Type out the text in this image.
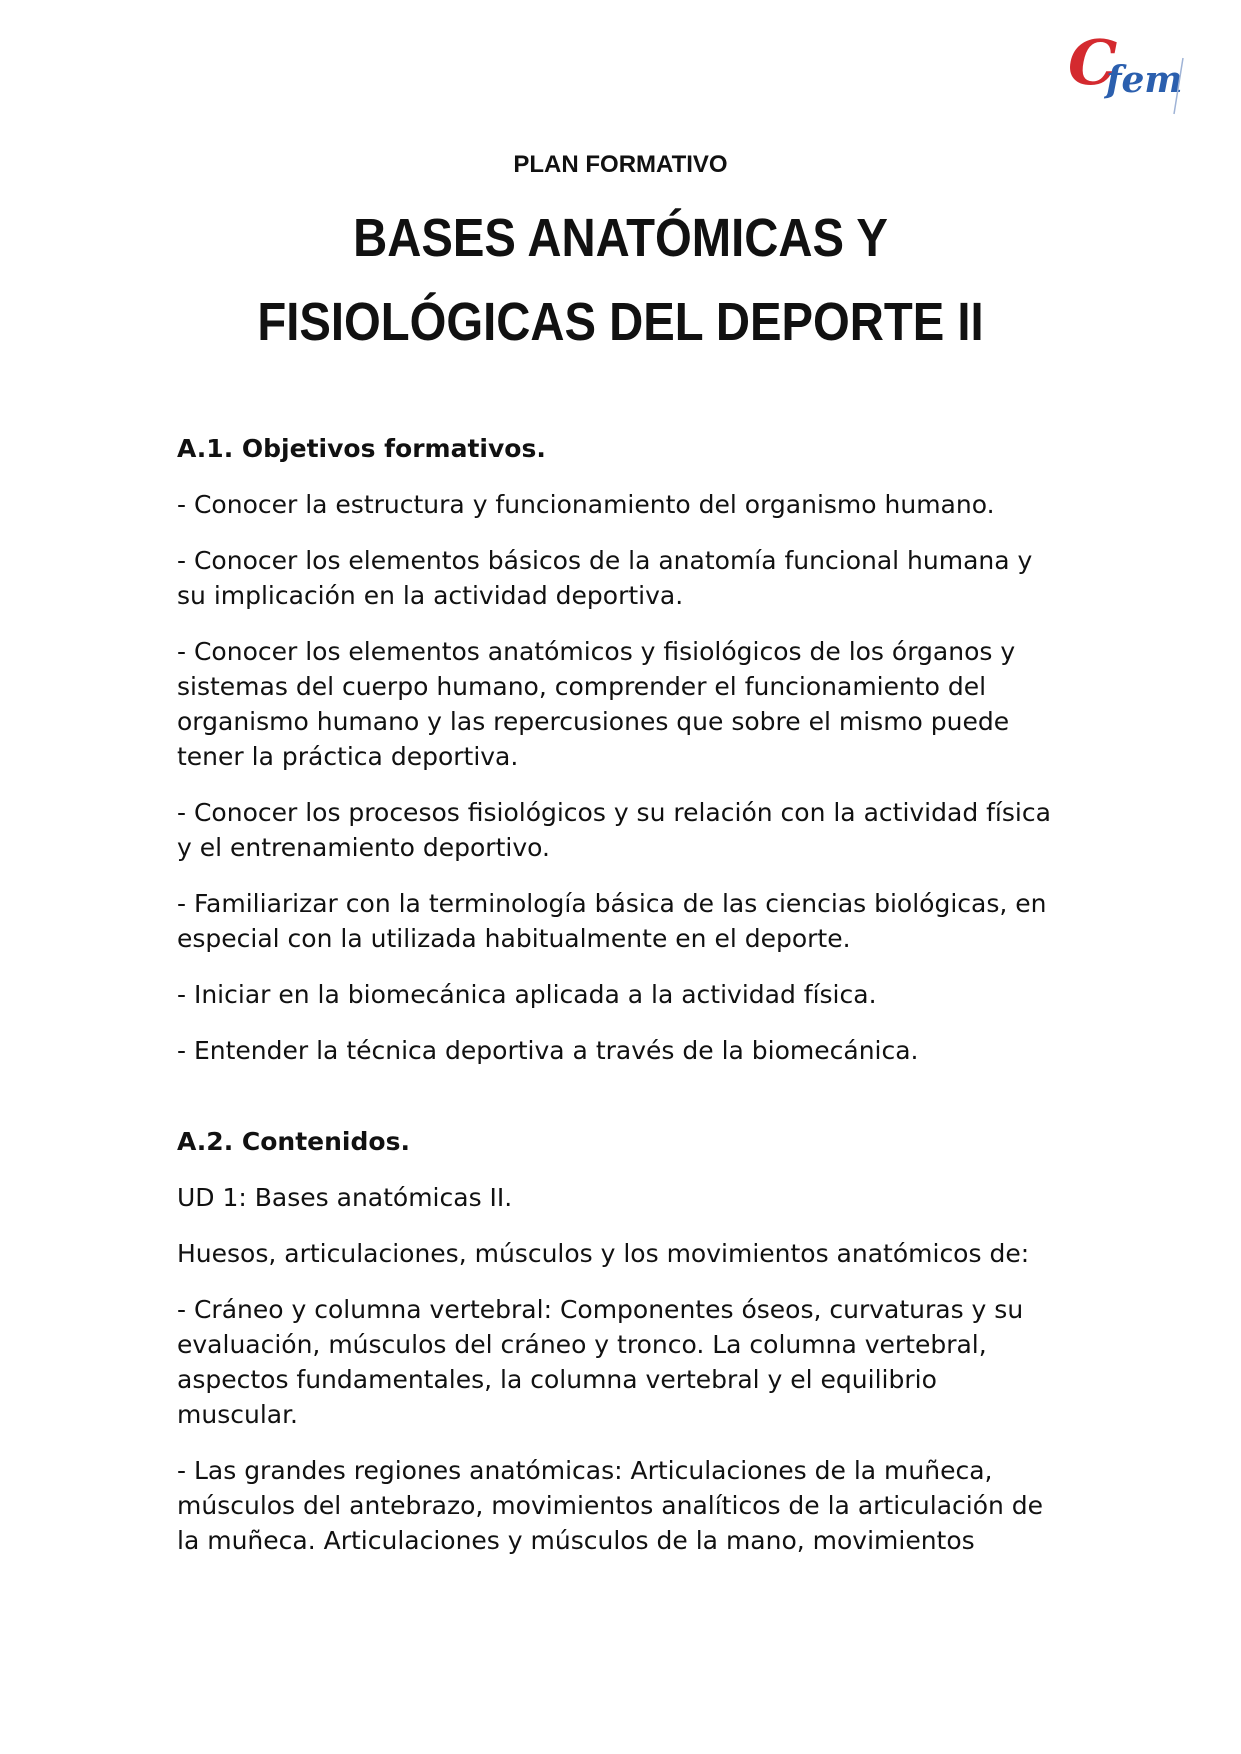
C
fem
PLAN FORMATIVO
BASES ANATÓMICAS Y
FISIOLÓGICAS DEL DEPORTE II
A.1. Objetivos formativos.

- Conocer la estructura y funcionamiento del organismo humano.

- Conocer los elementos básicos de la anatomía funcional humana y
su implicación en la actividad deportiva.

- Conocer los elementos anatómicos y fisiológicos de los órganos y
sistemas del cuerpo humano, comprender el funcionamiento del
organismo humano y las repercusiones que sobre el mismo puede
tener la práctica deportiva.

- Conocer los procesos fisiológicos y su relación con la actividad física
y el entrenamiento deportivo.

- Familiarizar con la terminología básica de las ciencias biológicas, en
especial con la utilizada habitualmente en el deporte.

- Iniciar en la biomecánica aplicada a la actividad física.

- Entender la técnica deportiva a través de la biomecánica.

A.2. Contenidos.

UD 1: Bases anatómicas II.

Huesos, articulaciones, músculos y los movimientos anatómicos de:

- Cráneo y columna vertebral: Componentes óseos, curvaturas y su
evaluación, músculos del cráneo y tronco. La columna vertebral,
aspectos fundamentales, la columna vertebral y el equilibrio
muscular.

- Las grandes regiones anatómicas: Articulaciones de la muñeca,
músculos del antebrazo, movimientos analíticos de la articulación de
la muñeca. Articulaciones y músculos de la mano, movimientos
